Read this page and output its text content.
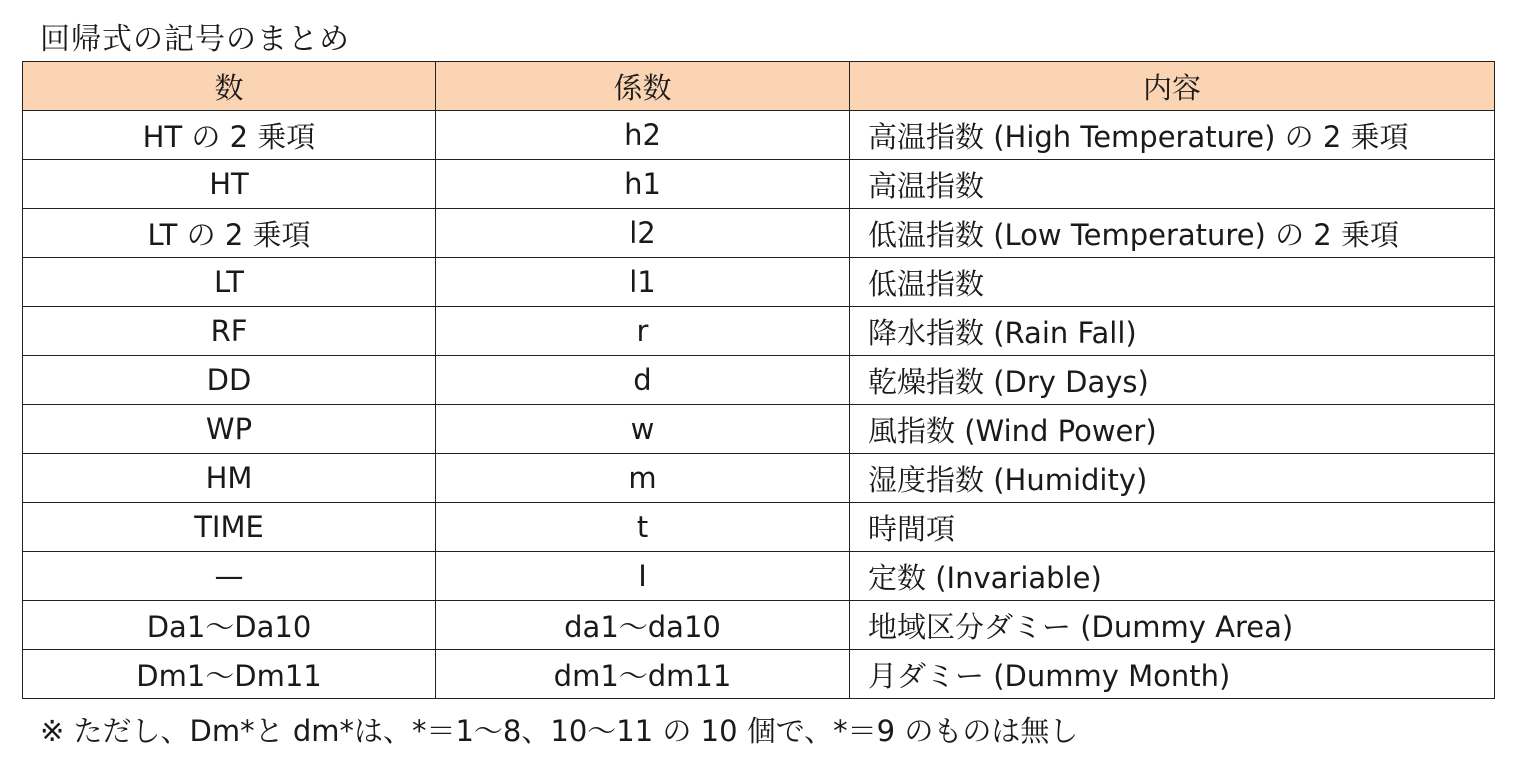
回帰式の記号のまとめ
数	係数	内容
HT の 2 乗項	h2	高温指数 (High Temperature) の 2 乗項
HT	h1	高温指数
LT の 2 乗項	l2	低温指数 (Low Temperature) の 2 乗項
LT	l1	低温指数
RF	r	降水指数 (Rain Fall)
DD	d	乾燥指数 (Dry Days)
WP	w	風指数 (Wind Power)
HM	m	湿度指数 (Humidity)
TIME	t	時間項
—	I	定数 (Invariable)
Da1～Da10	da1～da10	地域区分ダミー (Dummy Area)
Dm1～Dm11	dm1～dm11	月ダミー (Dummy Month)
※ ただし、Dm*と dm*は、*＝1～8、10～11 の 10 個で、*＝9 のものは無し
